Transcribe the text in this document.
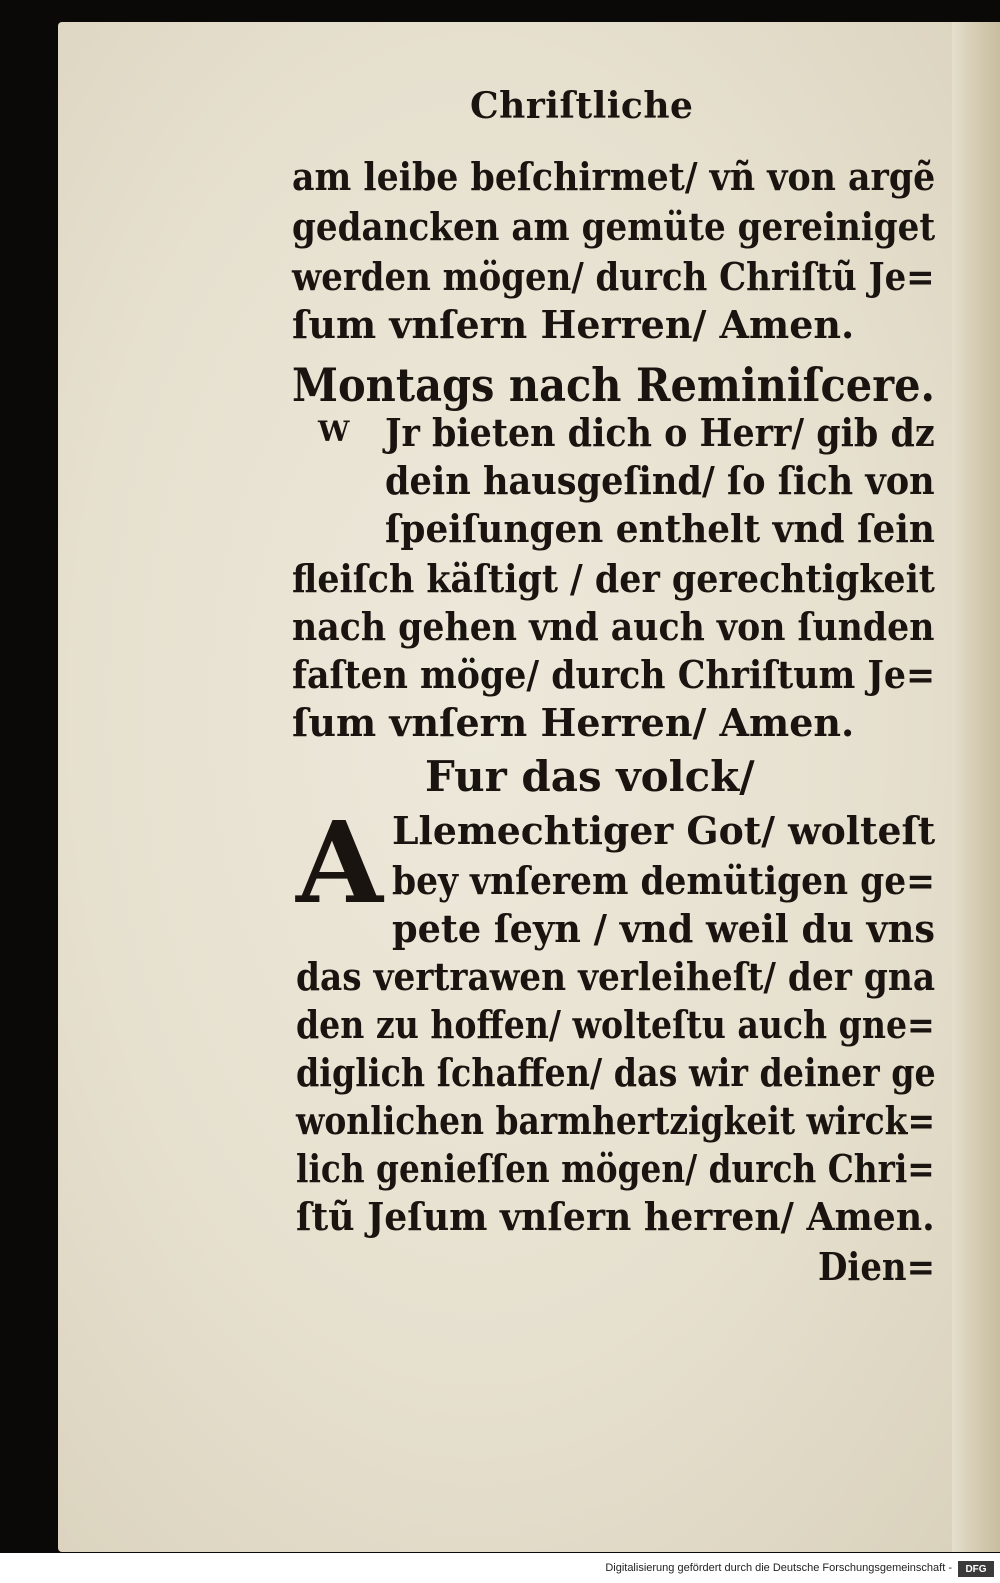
Chriſtliche
am leibe beſchirmet/ vñ von argẽ
gedancken am gemüte gereiniget
werden mögen/ durch Chriſtũ Je=
ſum vnſern Herren/ Amen.
Montags nach Reminiſcere.
W Jr bieten dich o Herr/ gib dz
dein hausgeſind/ ſo ſich von
ſpeiſungen enthelt vnd ſein
fleiſch käſtigt / der gerechtigkeit
nach gehen vnd auch von ſunden
faſten möge/ durch Chriſtum Je=
ſum vnſern Herren/ Amen.
Fur das volck/
A Llemechtiger Got/ wolteſt
bey vnſerem demütigen ge=
pete ſeyn / vnd weil du vns
das vertrawen verleiheſt/ der gna
den zu hoffen/ wolteſtu auch gne=
diglich ſchaffen/ das wir deiner ge
wonlichen barmhertzigkeit wirck=
lich genieſſen mögen/ durch Chri=
ſtũ Jeſum vnſern herren/ Amen.
Dien=
Digitalisierung gefördert durch die Deutsche Forschungsgemeinschaft -	DFG
